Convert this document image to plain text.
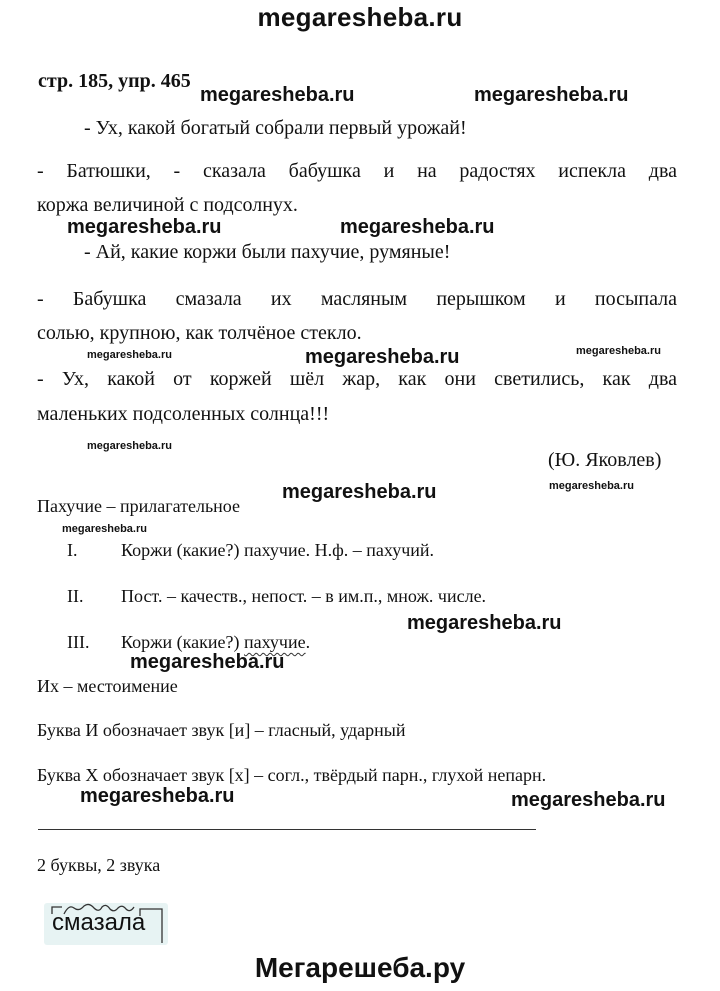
megaresheba.ru
стр. 185, упр. 465
- Ух, какой богатый собрали первый урожай!
- Батюшки, - сказала бабушка и на радостях испекла два
коржа величиной с подсолнух.
- Ай, какие коржи были пахучие, румяные!
- Бабушка смазала их масляным перышком и посыпала
солью, крупною, как толчёное стекло.
- Ух, какой от коржей шёл жар, как они светились, как два
маленьких подсоленных солнца!!!
(Ю. Яковлев)
Пахучие – прилагательное
I. Коржи (какие?) пахучие. Н.ф. – пахучий.
II. Пост. – качеств., непост. – в им.п., множ. числе.
III. Коржи (какие?) пахучие.
Их – местоимение
Буква И обозначает звук [и] – гласный, ударный
Буква Х обозначает звук [х] – согл., твёрдый парн., глухой непарн.
2 буквы, 2 звука
смазала
megaresheba.ru	megaresheba.ru
megaresheba.ru	megaresheba.ru
megaresheba.ru	megaresheba.ru	megaresheba.ru
megaresheba.ru
megaresheba.ru	megaresheba.ru
megaresheba.ru
megaresheba.ru
megaresheba.ru
megaresheba.ru	megaresheba.ru
Мегарешеба.ру
